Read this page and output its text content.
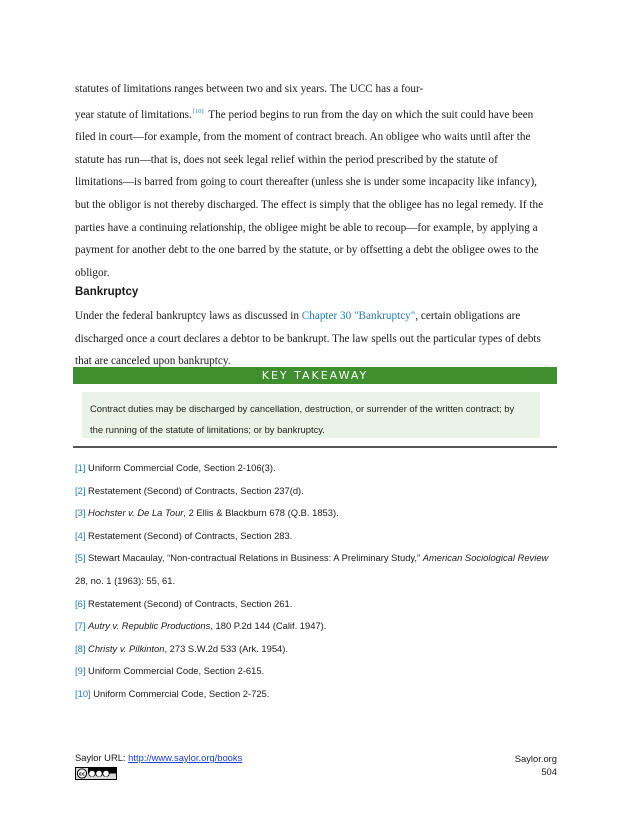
statutes of limitations ranges between two and six years. The UCC has a four-
year statute of limitations.[10] The period begins to run from the day on which the suit could have been
filed in court—for example, from the moment of contract breach. An obligee who waits until after the
statute has run—that is, does not seek legal relief within the period prescribed by the statute of
limitations—is barred from going to court thereafter (unless she is under some incapacity like infancy),
but the obligor is not thereby discharged. The effect is simply that the obligee has no legal remedy. If the
parties have a continuing relationship, the obligee might be able to recoup—for example, by applying a
payment for another debt to the one barred by the statute, or by offsetting a debt the obligee owes to the
obligor.
Bankruptcy
Under the federal bankruptcy laws as discussed in Chapter 30 "Bankruptcy", certain obligations are
discharged once a court declares a debtor to be bankrupt. The law spells out the particular types of debts
that are canceled upon bankruptcy.
KEY TAKEAWAY
Contract duties may be discharged by cancellation, destruction, or surrender of the written contract; by
the running of the statute of limitations; or by bankruptcy.
[1] Uniform Commercial Code, Section 2-106(3).
[2] Restatement (Second) of Contracts, Section 237(d).
[3] Hochster v. De La Tour, 2 Ellis & Blackburn 678 (Q.B. 1853).
[4] Restatement (Second) of Contracts, Section 283.
[5] Stewart Macaulay, “Non-contractual Relations in Business: A Preliminary Study,” American Sociological Review 28, no. 1 (1963): 55, 61.
[6] Restatement (Second) of Contracts, Section 261.
[7] Autry v. Republic Productions, 180 P.2d 144 (Calif. 1947).
[8] Christy v. Pilkinton, 273 S.W.2d 533 (Ark. 1954).
[9] Uniform Commercial Code, Section 2-615.
[10] Uniform Commercial Code, Section 2-725.
Saylor URL: http://www.saylor.org/books
cc
Saylor.org
504
